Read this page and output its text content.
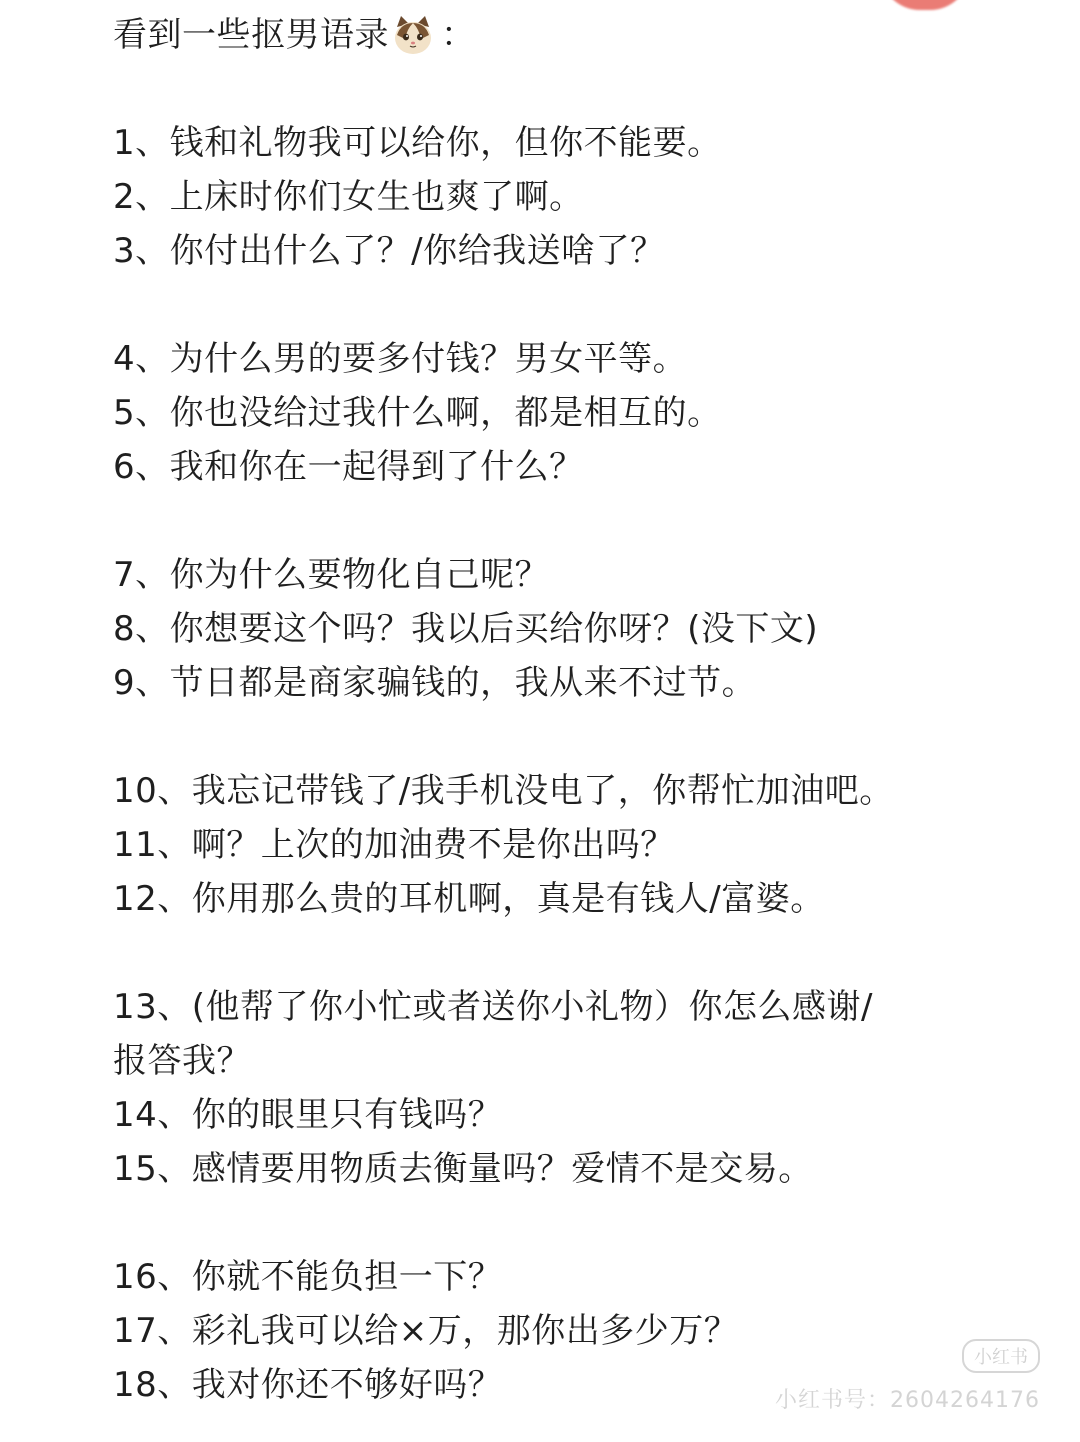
看到一些抠男语录 ：
1、钱和礼物我可以给你，但你不能要。
2、上床时你们女生也爽了啊。
3、你付出什么了？/你给我送啥了？
4、为什么男的要多付钱？男女平等。
5、你也没给过我什么啊，都是相互的。
6、我和你在一起得到了什么？
7、你为什么要物化自己呢？
8、你想要这个吗？我以后买给你呀？(没下文)
9、节日都是商家骗钱的，我从来不过节。
10、我忘记带钱了/我手机没电了，你帮忙加油吧。
11、啊？上次的加油费不是你出吗？
12、你用那么贵的耳机啊，真是有钱人/富婆。
13、(他帮了你小忙或者送你小礼物）你怎么感谢/
报答我？
14、你的眼里只有钱吗？
15、感情要用物质去衡量吗？爱情不是交易。
16、你就不能负担一下？
17、彩礼我可以给×万，那你出多少万？
18、我对你还不够好吗？
小红书
小红书号：2604264176
